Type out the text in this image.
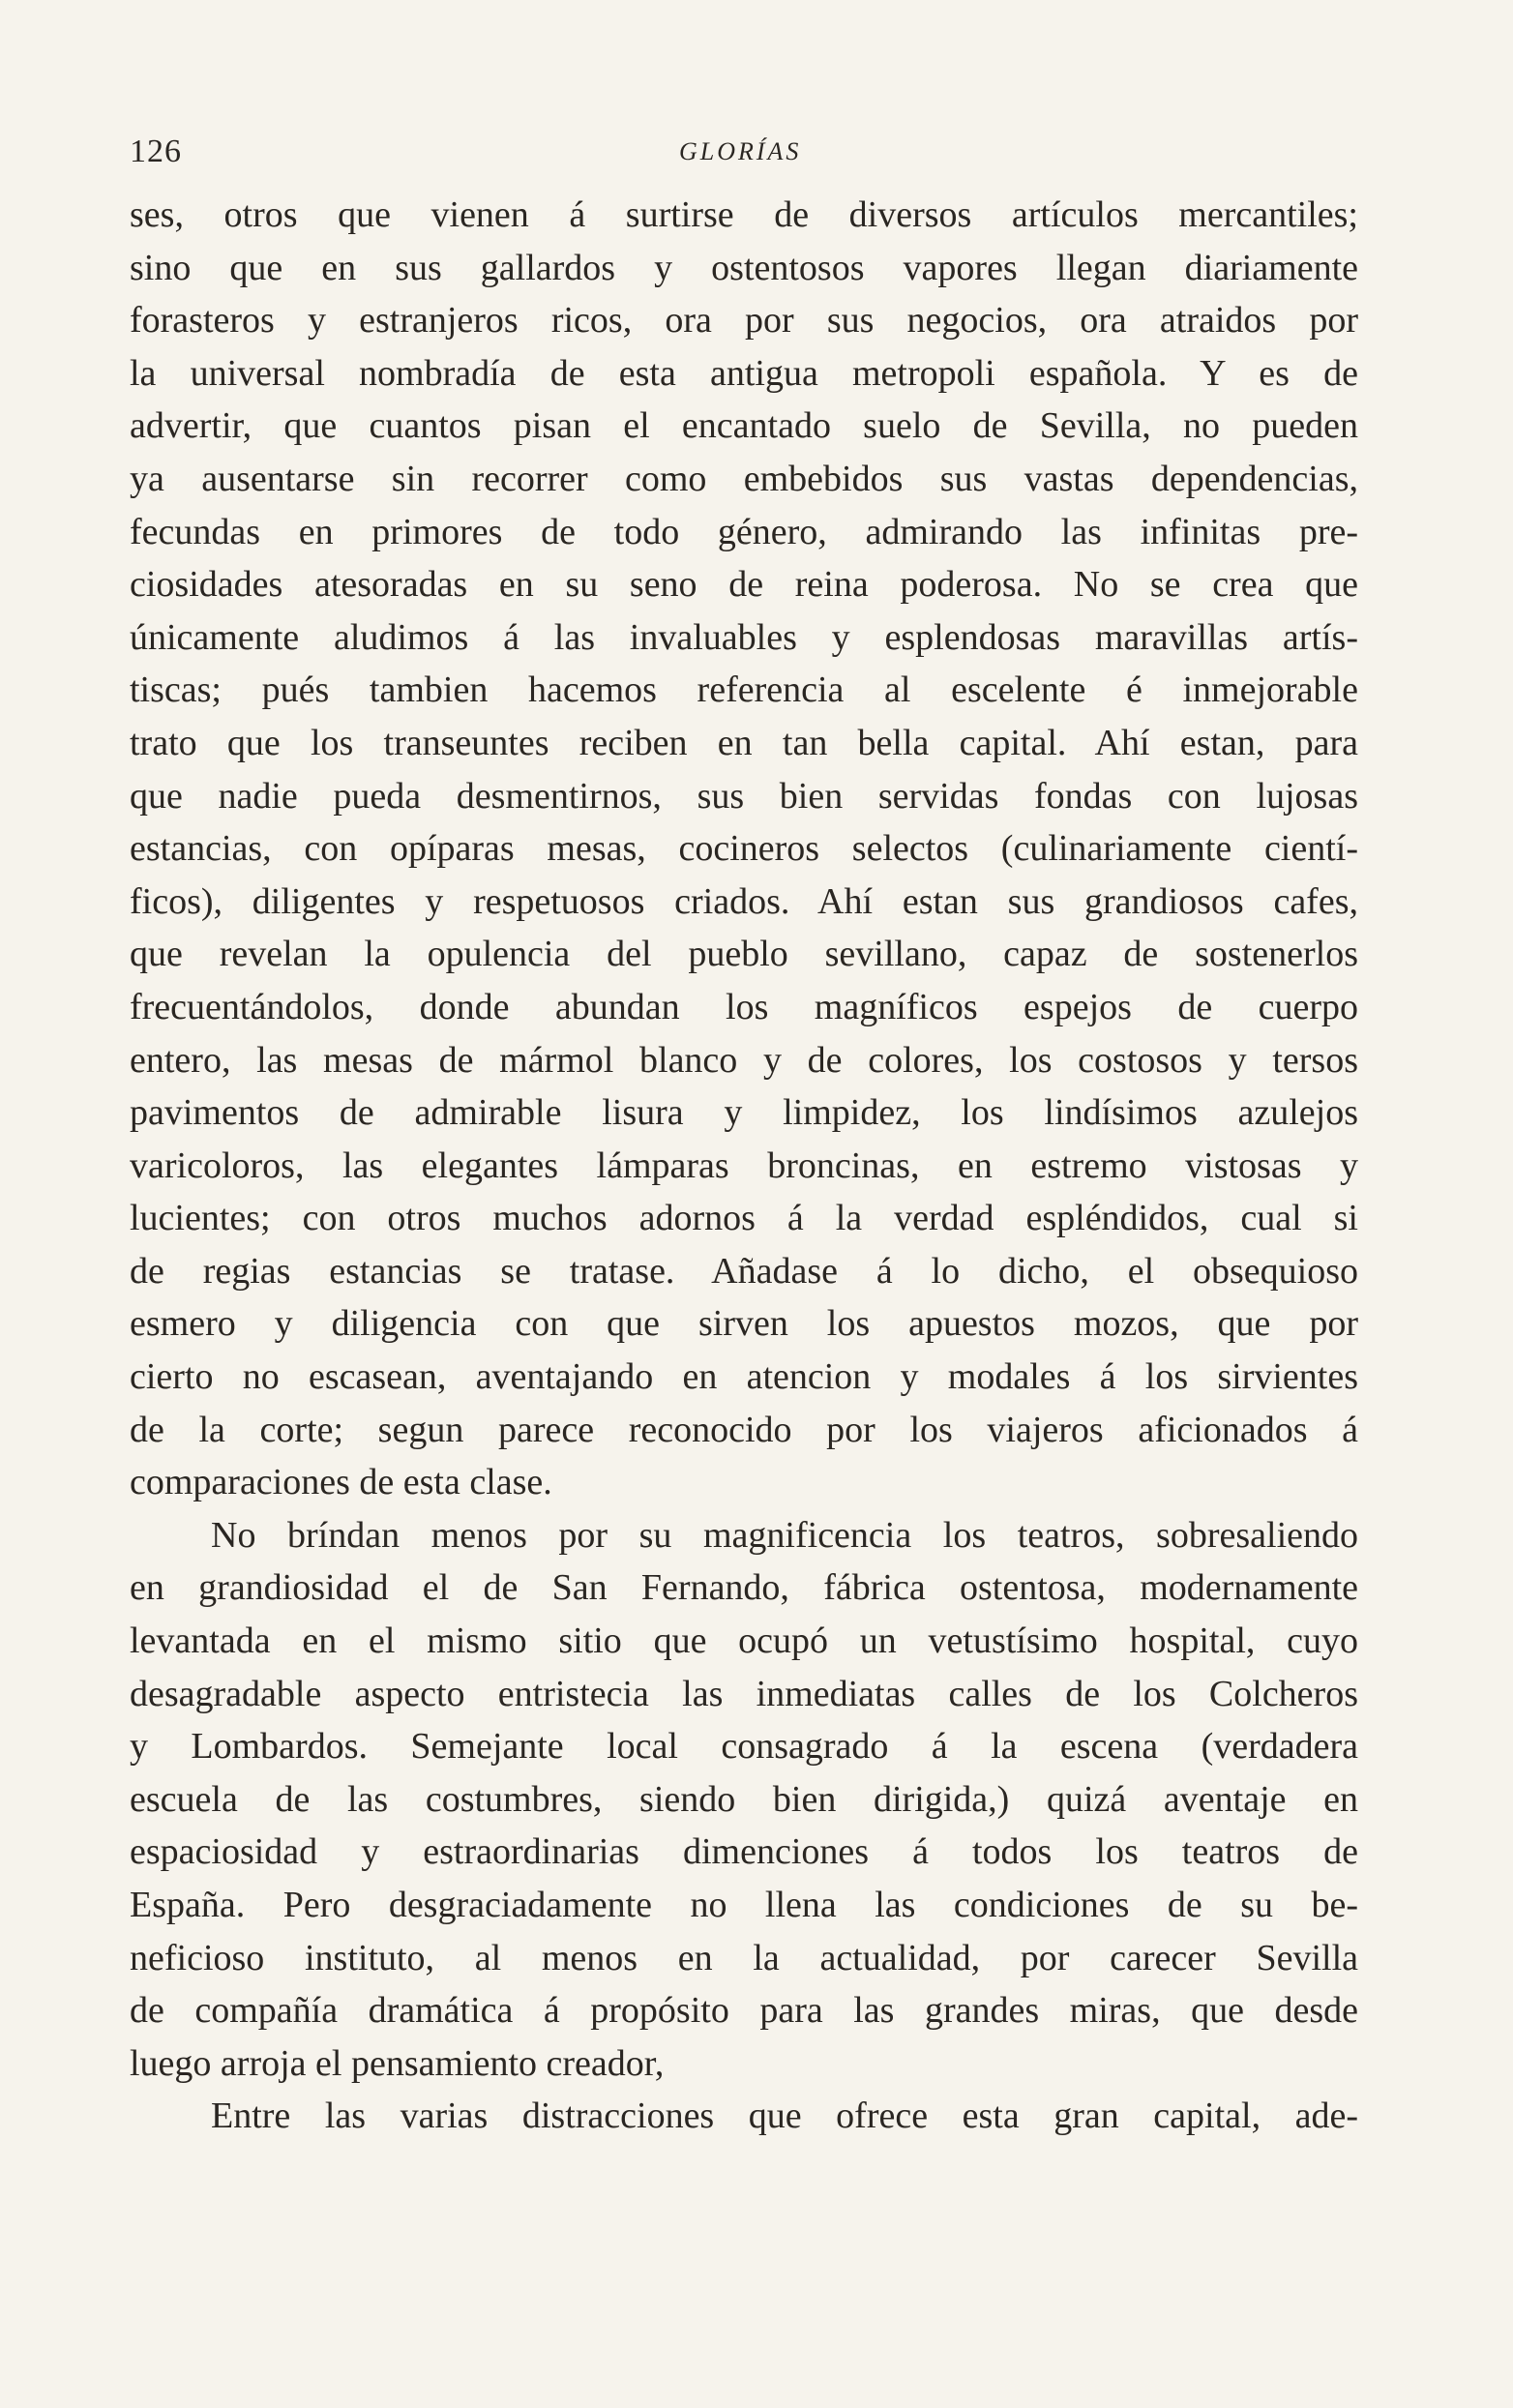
126	GLORÍAS
ses, otros que vienen á surtirse de diversos artículos mercantiles;
sino que en sus gallardos y ostentosos vapores llegan diariamente
forasteros y estranjeros ricos, ora por sus negocios, ora atraidos por
la universal nombradía de esta antigua metropoli española. Y es de
advertir, que cuantos pisan el encantado suelo de Sevilla, no pueden
ya ausentarse sin recorrer como embebidos sus vastas dependencias,
fecundas en primores de todo género, admirando las infinitas pre-
ciosidades atesoradas en su seno de reina poderosa. No se crea que
únicamente aludimos á las invaluables y esplendosas maravillas artís-
tiscas; pués tambien hacemos referencia al escelente é inmejorable
trato que los transeuntes reciben en tan bella capital. Ahí estan, para
que nadie pueda desmentirnos, sus bien servidas fondas con lujosas
estancias, con opíparas mesas, cocineros selectos (culinariamente cientí-
ficos), diligentes y respetuosos criados. Ahí estan sus grandiosos cafes,
que revelan la opulencia del pueblo sevillano, capaz de sostenerlos
frecuentándolos, donde abundan los magníficos espejos de cuerpo
entero, las mesas de mármol blanco y de colores, los costosos y tersos
pavimentos de admirable lisura y limpidez, los lindísimos azulejos
varicoloros, las elegantes lámparas broncinas, en estremo vistosas y
lucientes; con otros muchos adornos á la verdad espléndidos, cual si
de regias estancias se tratase. Añadase á lo dicho, el obsequioso
esmero y diligencia con que sirven los apuestos mozos, que por
cierto no escasean, aventajando en atencion y modales á los sirvientes
de la corte; segun parece reconocido por los viajeros aficionados á
comparaciones de esta clase.
No bríndan menos por su magnificencia los teatros, sobresaliendo
en grandiosidad el de San Fernando, fábrica ostentosa, modernamente
levantada en el mismo sitio que ocupó un vetustísimo hospital, cuyo
desagradable aspecto entristecia las inmediatas calles de los Colcheros
y Lombardos. Semejante local consagrado á la escena (verdadera
escuela de las costumbres, siendo bien dirigida,) quizá aventaje en
espaciosidad y estraordinarias dimenciones á todos los teatros de
España. Pero desgraciadamente no llena las condiciones de su be-
neficioso instituto, al menos en la actualidad, por carecer Sevilla
de compañía dramática á propósito para las grandes miras, que desde
luego arroja el pensamiento creador,
Entre las varias distracciones que ofrece esta gran capital, ade-
